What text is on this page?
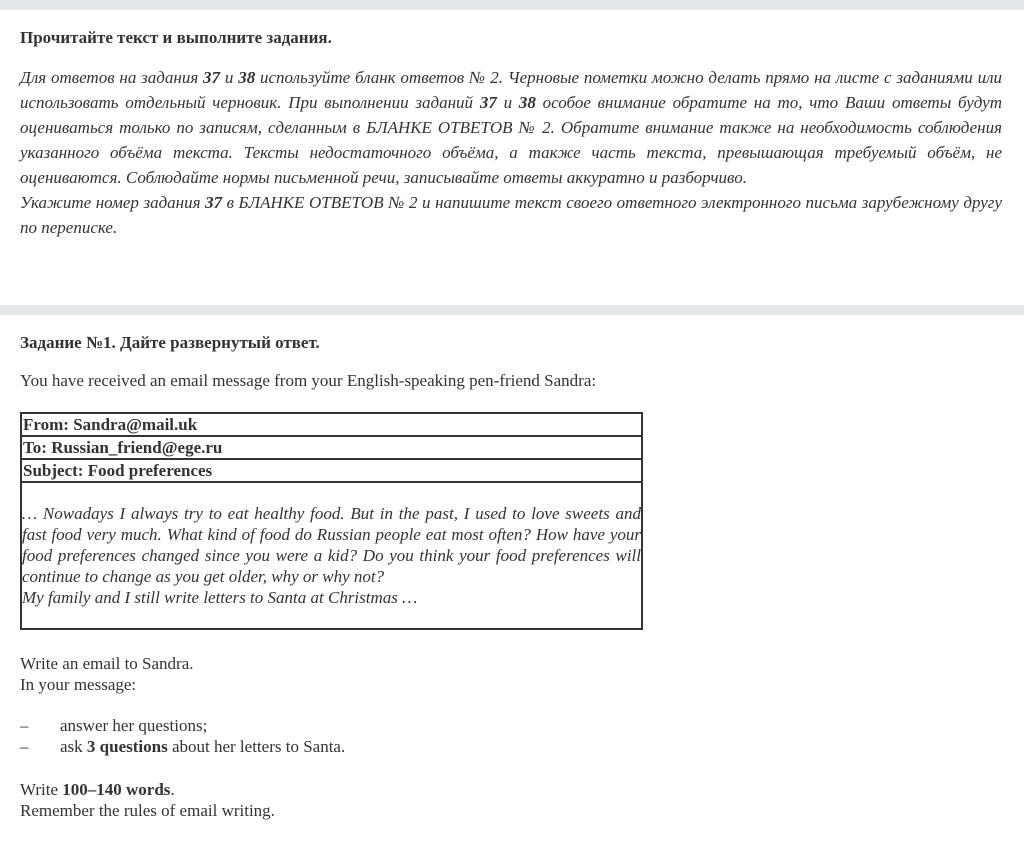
Прочитайте текст и выполните задания.

Для ответов на задания 37 и 38 используйте бланк ответов № 2. Черновые пометки можно делать прямо на листе с заданиями или использовать отдельный черновик. При выполнении заданий 37 и 38 особое внимание обратите на то, что Ваши ответы будут оцениваться только по записям, сделанным в БЛАНКЕ ОТВЕТОВ № 2. Обратите внимание также на необходимость соблюдения указанного объёма текста. Тексты недостаточного объёма, а также часть текста, превышающая требуемый объём, не оцениваются. Соблюдайте нормы письменной речи, записывайте ответы аккуратно и разборчиво.

Укажите номер задания 37 в БЛАНКЕ ОТВЕТОВ № 2 и напишите текст своего ответного электронного письма зарубежному другу по переписке.

Задание №1. Дайте развернутый ответ.
You have received an email message from your English-speaking pen-friend Sandra:
From: Sandra@mail.uk
To: Russian_friend@ege.ru
Subject: Food preferences

… Nowadays I always try to eat healthy food. But in the past, I used to love sweets and fast food very much. What kind of food do Russian people eat most often? How have your food preferences changed since you were a kid? Do you think your food preferences will continue to change as you get older, why or why not?

My family and I still write letters to Santa at Christmas …

Write an email to Sandra.
In your message:
– answer her questions;
– ask 3 questions about her letters to Santa.
Write 100–140 words.
Remember the rules of email writing.
